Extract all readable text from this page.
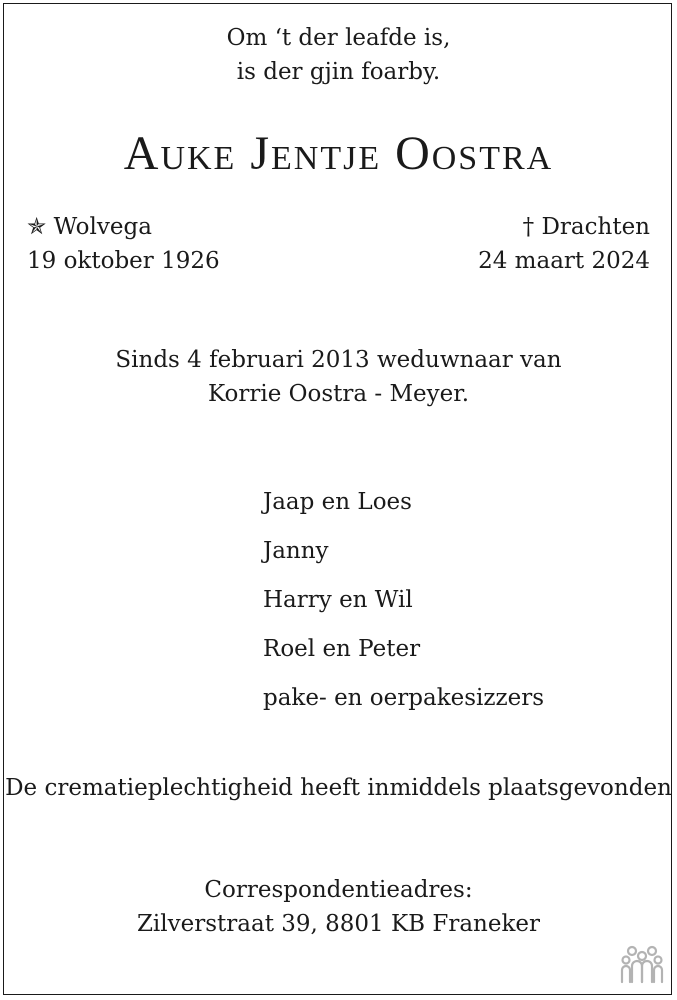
Om ‘t der leafde is,
is der gjin foarby.
Auke Jentje Oostra
✯ Wolvega
19 oktober 1926
† Drachten
24 maart 2024
Sinds 4 februari 2013 weduwnaar van
Korrie Oostra - Meyer.
Jaap en Loes
Janny
Harry en Wil
Roel en Peter
pake- en oerpakesizzers
De crematieplechtigheid heeft inmiddels plaatsgevonden
Correspondentieadres:
Zilverstraat 39, 8801 KB Franeker
